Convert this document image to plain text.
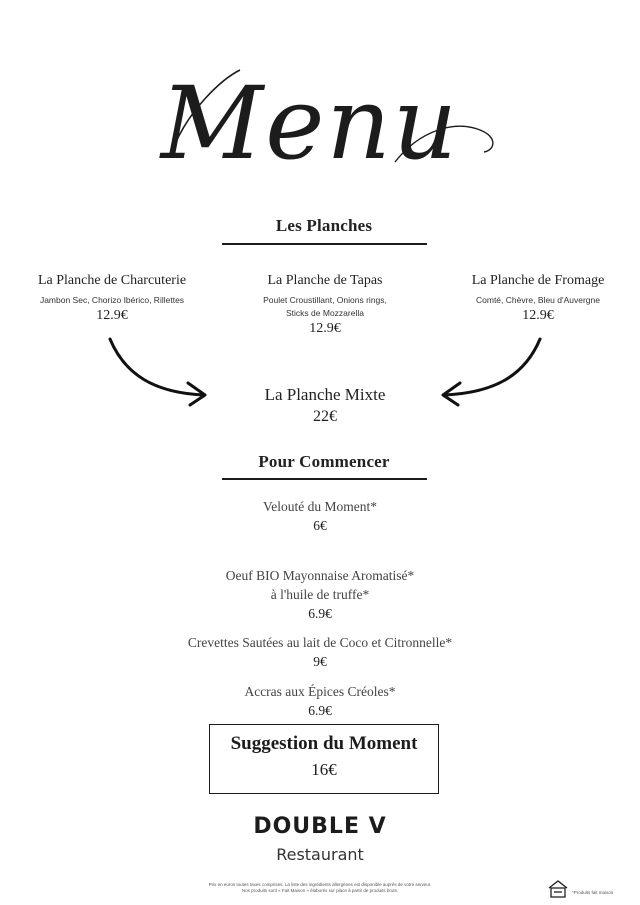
Menu
Les Planches
La Planche de Charcuterie
Jambon Sec, Chorizo Ibérico, Rillettes
12.9€
La Planche de Tapas
Poulet Croustillant, Onions rings,
Sticks de Mozzarella
12.9€
La Planche de Fromage
Comté, Chèvre, Bleu d'Auvergne
12.9€
La Planche Mixte
22€
Pour Commencer
Velouté du Moment*
6€
Oeuf BIO Mayonnaise Aromatisé*
à l'huile de truffe*
6.9€
Crevettes Sautées au lait de Coco et Citronnelle*
9€
Accras aux Épices Créoles*
6.9€
Suggestion du Moment
16€
DOUBLE V
Restaurant
Prix en euros toutes taxes comprises. La liste des ingrédients allergènes est disponible auprès de votre serveur.
Nos produits sont « Fait Maison » élaborés sur place à partir de produits bruts.	*Produits fait maison
